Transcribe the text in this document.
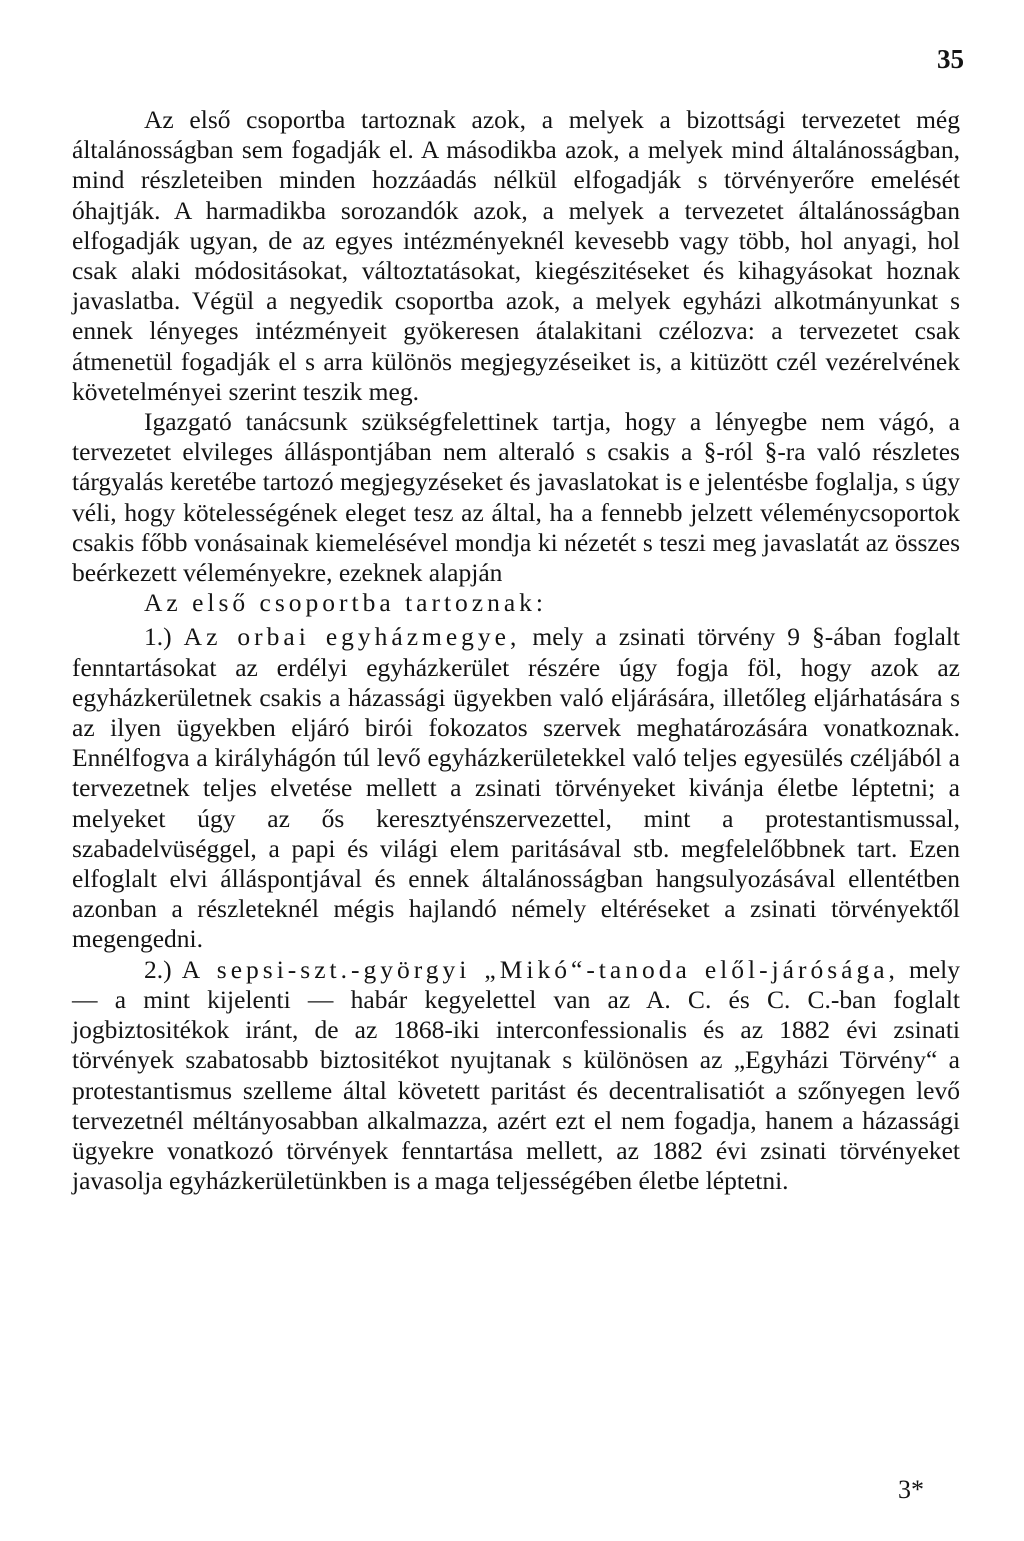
35

Az első csoportba tartoznak azok, a melyek a bizottsági tervezetet még általánosságban sem fogadják el. A másodikba azok, a melyek mind általánosságban, mind részleteiben minden hozzáadás nélkül elfogadják s törvényerőre emelését óhajtják. A harmadikba sorozandók azok, a melyek a tervezetet általánosságban elfogadják ugyan, de az egyes intézményeknél kevesebb vagy több, hol anyagi, hol csak alaki módositásokat, változtatásokat, kiegészitéseket és kihagyásokat hoznak javaslatba. Végül a negyedik csoportba azok, a melyek egyházi alkotmányunkat s ennek lényeges intézményeit gyökeresen átalakitani czélozva: a tervezetet csak átmenetül fogadják el s arra különös megjegyzéseiket is, a kitüzött czél vezérelvének követelményei szerint teszik meg.

Igazgató tanácsunk szükségfelettinek tartja, hogy a lényegbe nem vágó, a tervezetet elvileges álláspontjában nem alteraló s csakis a §-ról §-ra való részletes tárgyalás keretébe tartozó megjegyzéseket és javaslatokat is e jelentésbe foglalja, s úgy véli, hogy kötelességének eleget tesz az által, ha a fennebb jelzett véleménycsoportok csakis főbb vonásainak kiemelésével mondja ki nézetét s teszi meg javaslatát az összes beérkezett véleményekre, ezeknek alapján

Az első csoportba tartoznak:

1.) Az orbai egyházmegye, mely a zsinati törvény 9 §-ában foglalt fenntartásokat az erdélyi egyházkerület részére úgy fogja föl, hogy azok az egyházkerületnek csakis a házassági ügyekben való eljárására, illetőleg eljárhatására s az ilyen ügyekben eljáró birói fokozatos szervek meghatározására vonatkoznak. Ennélfogva a királyhágón túl levő egyházkerületekkel való teljes egyesülés czéljából a tervezetnek teljes elvetése mellett a zsinati törvényeket kivánja életbe léptetni; a melyeket úgy az ős keresztyénszervezettel, mint a protestantismussal, szabadelvüséggel, a papi és világi elem paritásával stb. megfelelőbbnek tart. Ezen elfoglalt elvi álláspontjával és ennek általánosságban hangsulyozásával ellentétben azonban a részleteknél mégis hajlandó némely eltéréseket a zsinati törvényektől megengedni.

2.) A sepsi-szt.-györgyi „Mikó“-tanoda elől-járósága, mely — a mint kijelenti — habár kegyelettel van az A. C. és C. C.-ban foglalt jogbiztositékok iránt, de az 1868-iki interconfessionalis és az 1882 évi zsinati törvények szabatosabb biztositékot nyujtanak s különösen az „Egyházi Törvény“ a protestantismus szelleme által követett paritást és decentralisatiót a szőnyegen levő tervezetnél méltányosabban alkalmazza, azért ezt el nem fogadja, hanem a házassági ügyekre vonatkozó törvények fenntartása mellett, az 1882 évi zsinati törvényeket javasolja egyházkerületünkben is a maga teljességében életbe léptetni.

3*
